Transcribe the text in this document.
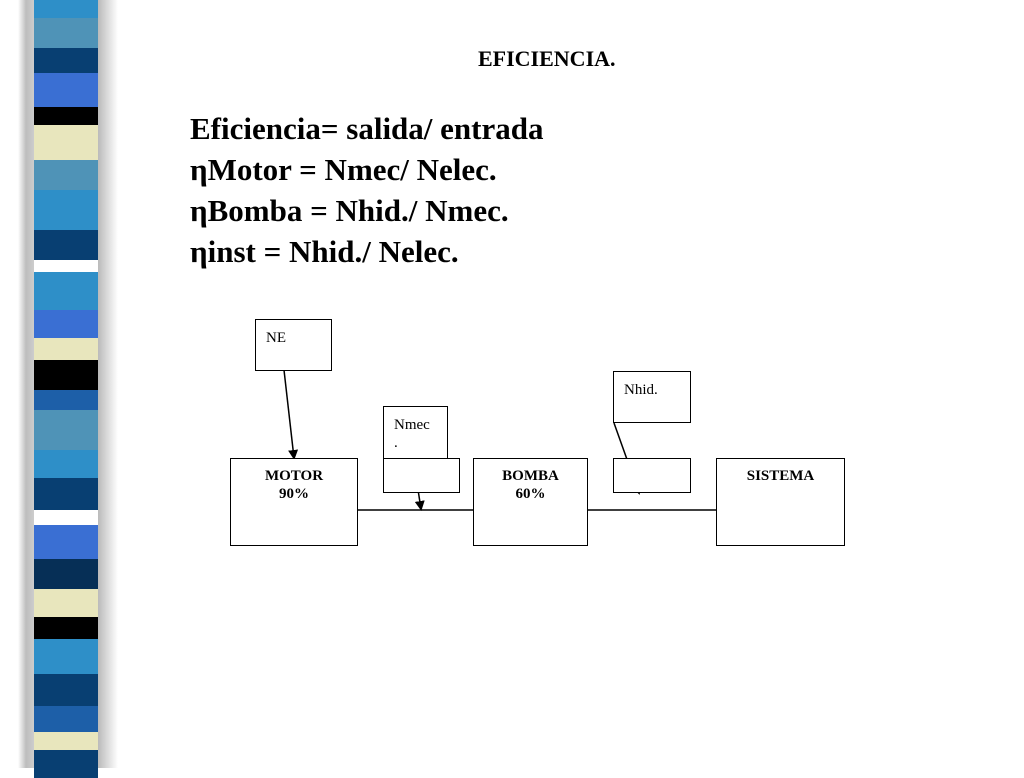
EFICIENCIA.
Eficiencia= salida/ entrada
ηMotor = Nmec/ Nelec.
ηBomba = Nhid./ Nmec.
ηinst = Nhid./ Nelec.
NE
Nmec
.
Nhid.
MOTOR
90%
BOMBA
60%
SISTEMA
